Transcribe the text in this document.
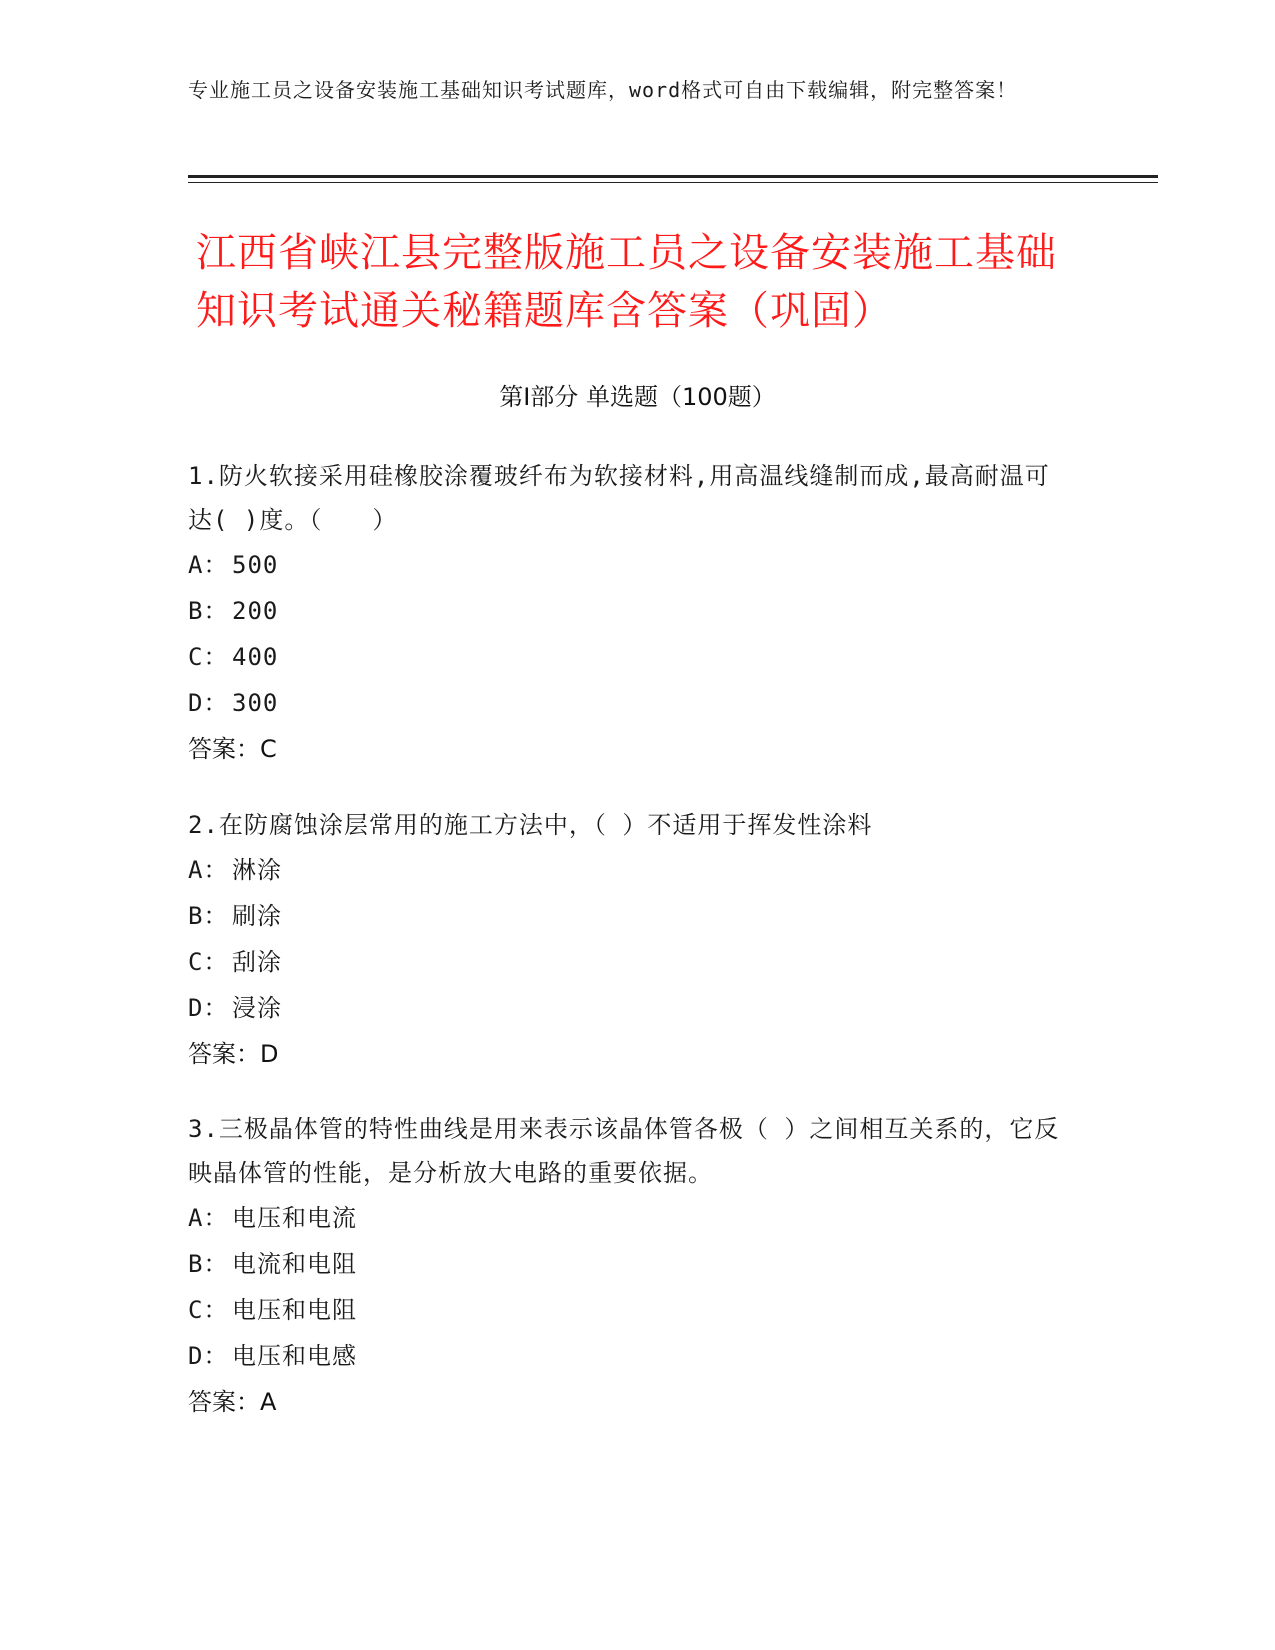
专业施工员之设备安装施工基础知识考试题库，word格式可自由下载编辑，附完整答案！
江西省峡江县完整版施工员之设备安装施工基础知识考试通关秘籍题库含答案（巩固）
第Ⅰ部分 单选题（100题）

1.防火软接采用硅橡胶涂覆玻纤布为软接材料,用高温线缝制而成,最高耐温可达( )度。（　　）

A： 500
B： 200
C： 400
D： 300
答案：C

2.在防腐蚀涂层常用的施工方法中，（ ）不适用于挥发性涂料

A： 淋涂
B： 刷涂
C： 刮涂
D： 浸涂
答案：D

3.三极晶体管的特性曲线是用来表示该晶体管各极（ ）之间相互关系的，它反映晶体管的性能，是分析放大电路的重要依据。

A： 电压和电流
B： 电流和电阻
C： 电压和电阻
D： 电压和电感
答案：A
